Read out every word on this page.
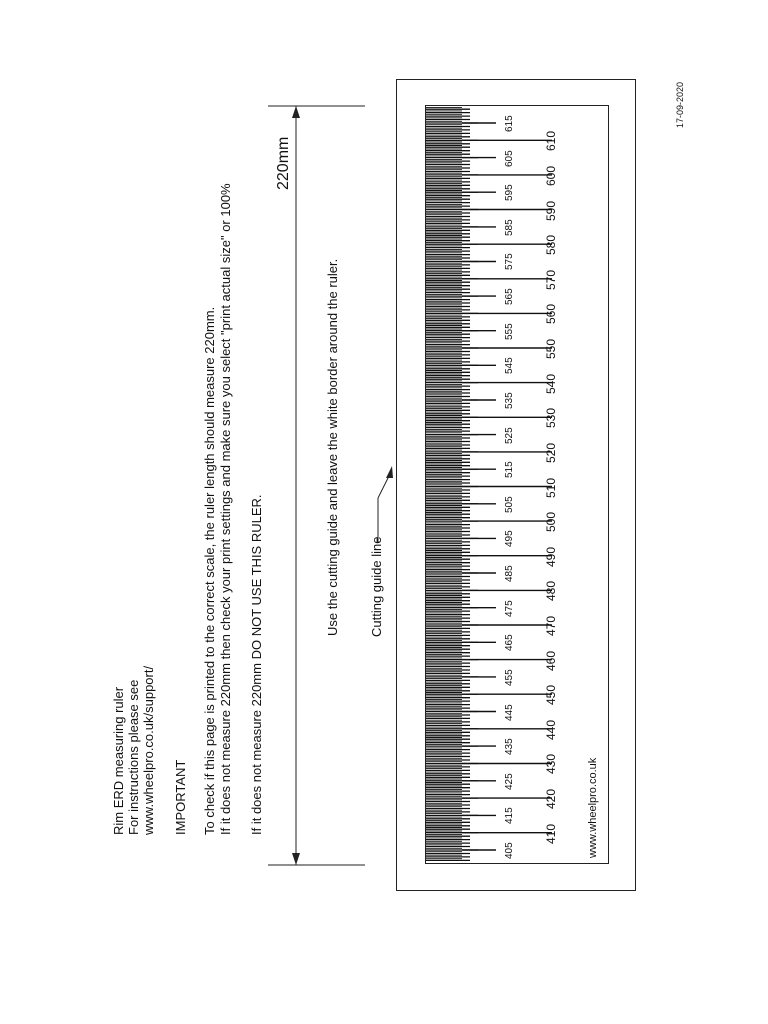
Rim ERD measuring ruler For instructions please see www.wheelpro.co.uk/support/ IMPORTANT To check if this page is printed to the correct scale, the ruler length should measure 220mm. If it does not measure 220mm then check your print settings and make sure you select "print actual size" or 100% If it does not measure 220mm DO NOT USE THIS RULER.
220mm
Use the cutting guide and leave the white border around the ruler. Cutting guide line
17-09-2020
www.wheelpro.co.uk
405
415
425
435
445
455
465
475
485
495
505
515
525
535
545
555
565
575
585
595
605
615
410
420
430
440
450
460
470
480
490
500
510
520
530
540
550
560
570
580
590
600
610
